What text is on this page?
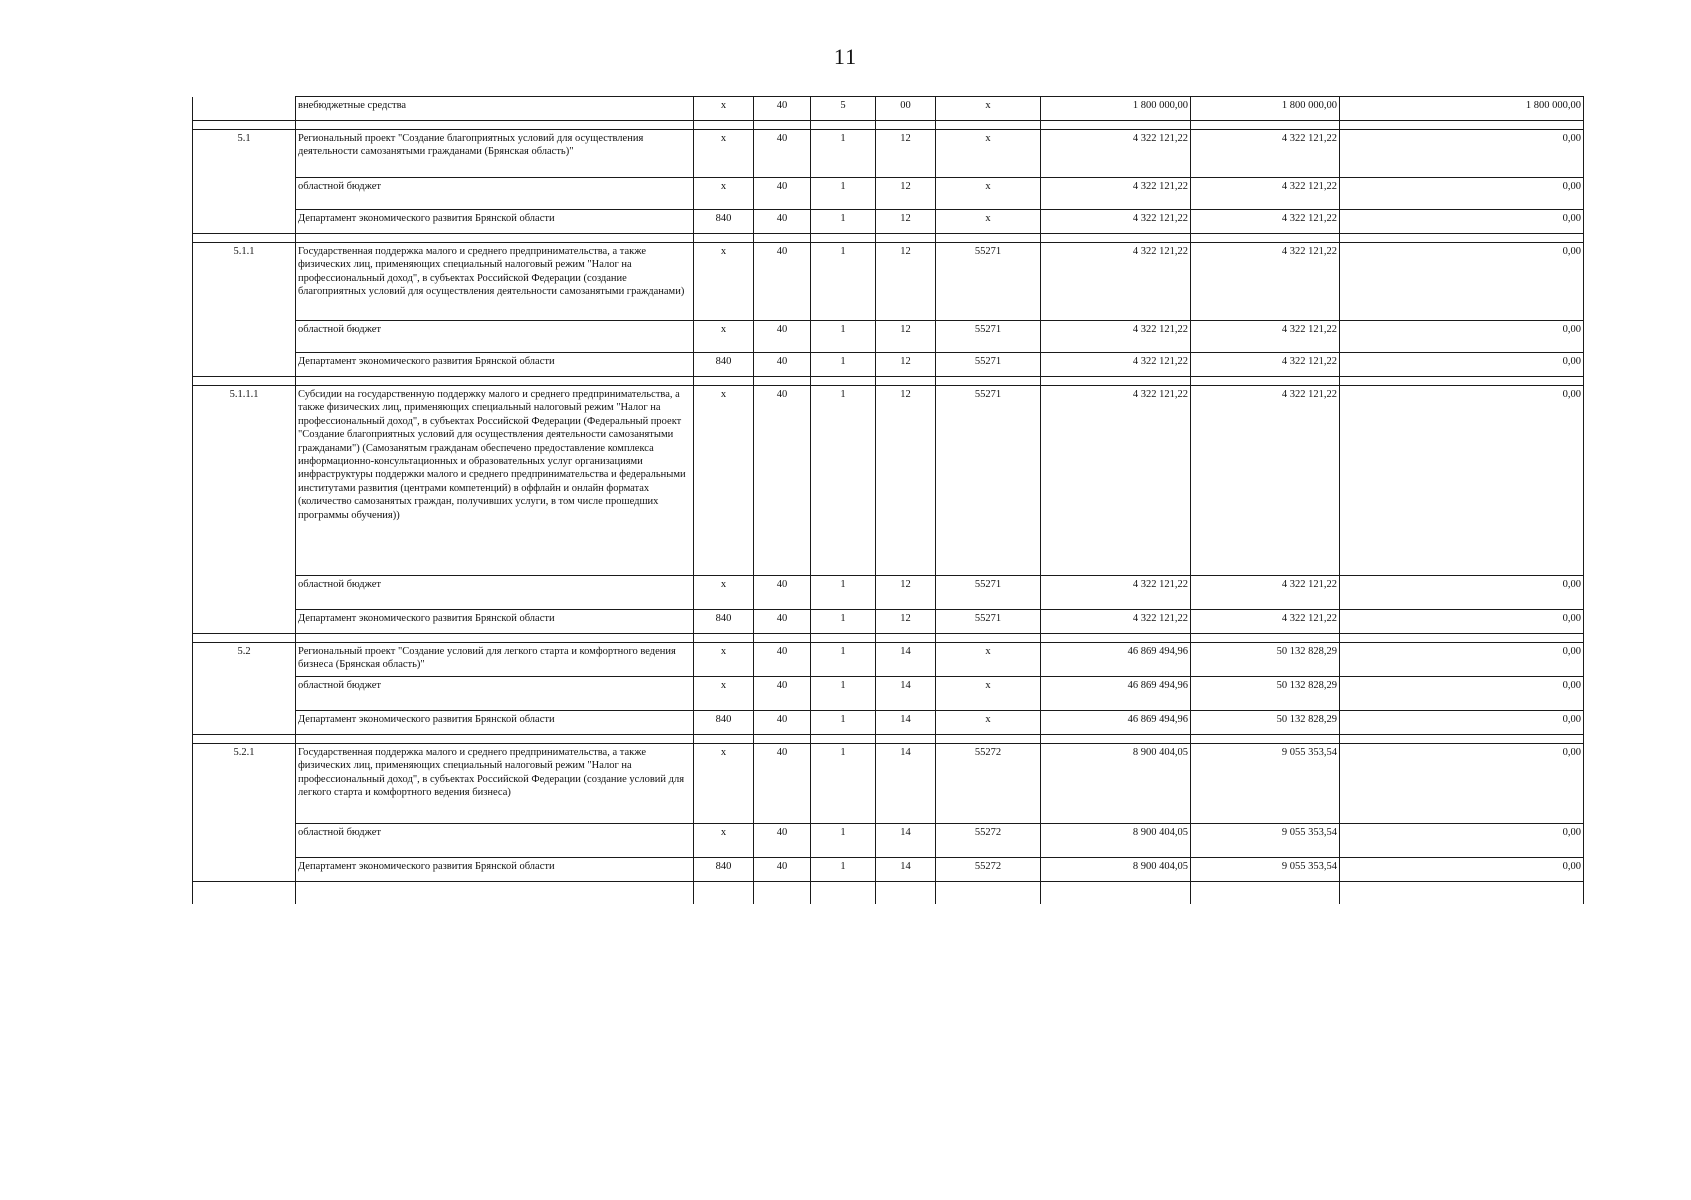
11
	внебюджетные средства	x	40	5	00	x	1 800 000,00	1 800 000,00	1 800 000,00

5.1	Региональный проект "Создание благоприятных условий для осуществления деятельности самозанятыми гражданами (Брянская область)"	x	40	1	12	x	4 322 121,22	4 322 121,22	0,00
	областной бюджет	x	40	1	12	x	4 322 121,22	4 322 121,22	0,00
	Департамент экономического развития Брянской области	840	40	1	12	x	4 322 121,22	4 322 121,22	0,00

5.1.1	Государственная поддержка малого и среднего предпринимательства, а также физических лиц, применяющих специальный налоговый режим "Налог на профессиональный доход", в субъектах Российской Федерации (создание благоприятных условий для осуществления деятельности самозанятыми гражданами)	x	40	1	12	55271	4 322 121,22	4 322 121,22	0,00
	областной бюджет	x	40	1	12	55271	4 322 121,22	4 322 121,22	0,00
	Департамент экономического развития Брянской области	840	40	1	12	55271	4 322 121,22	4 322 121,22	0,00

5.1.1.1	Субсидии на государственную поддержку малого и среднего предпринимательства, а также физических лиц, применяющих специальный налоговый режим "Налог на профессиональный доход", в субъектах Российской Федерации (Федеральный проект "Создание благоприятных условий для осуществления деятельности самозанятыми гражданами") (Самозанятым гражданам обеспечено предоставление комплекса информационно-консультационных и образовательных услуг организациями инфраструктуры поддержки малого и среднего предпринимательства и федеральными институтами развития (центрами компетенций) в оффлайн и онлайн форматах (количество самозанятых граждан, получивших услуги, в том числе прошедших программы обучения))	x	40	1	12	55271	4 322 121,22	4 322 121,22	0,00
	областной бюджет	x	40	1	12	55271	4 322 121,22	4 322 121,22	0,00
	Департамент экономического развития Брянской области	840	40	1	12	55271	4 322 121,22	4 322 121,22	0,00

5.2	Региональный проект "Создание условий для легкого старта и комфортного ведения бизнеса (Брянская область)"	x	40	1	14	x	46 869 494,96	50 132 828,29	0,00
	областной бюджет	x	40	1	14	x	46 869 494,96	50 132 828,29	0,00
	Департамент экономического развития Брянской области	840	40	1	14	x	46 869 494,96	50 132 828,29	0,00

5.2.1	Государственная поддержка малого и среднего предпринимательства, а также физических лиц, применяющих специальный налоговый режим "Налог на профессиональный доход", в субъектах Российской Федерации (создание условий для легкого старта и комфортного ведения бизнеса)	x	40	1	14	55272	8 900 404,05	9 055 353,54	0,00
	областной бюджет	x	40	1	14	55272	8 900 404,05	9 055 353,54	0,00
	Департамент экономического развития Брянской области	840	40	1	14	55272	8 900 404,05	9 055 353,54	0,00
